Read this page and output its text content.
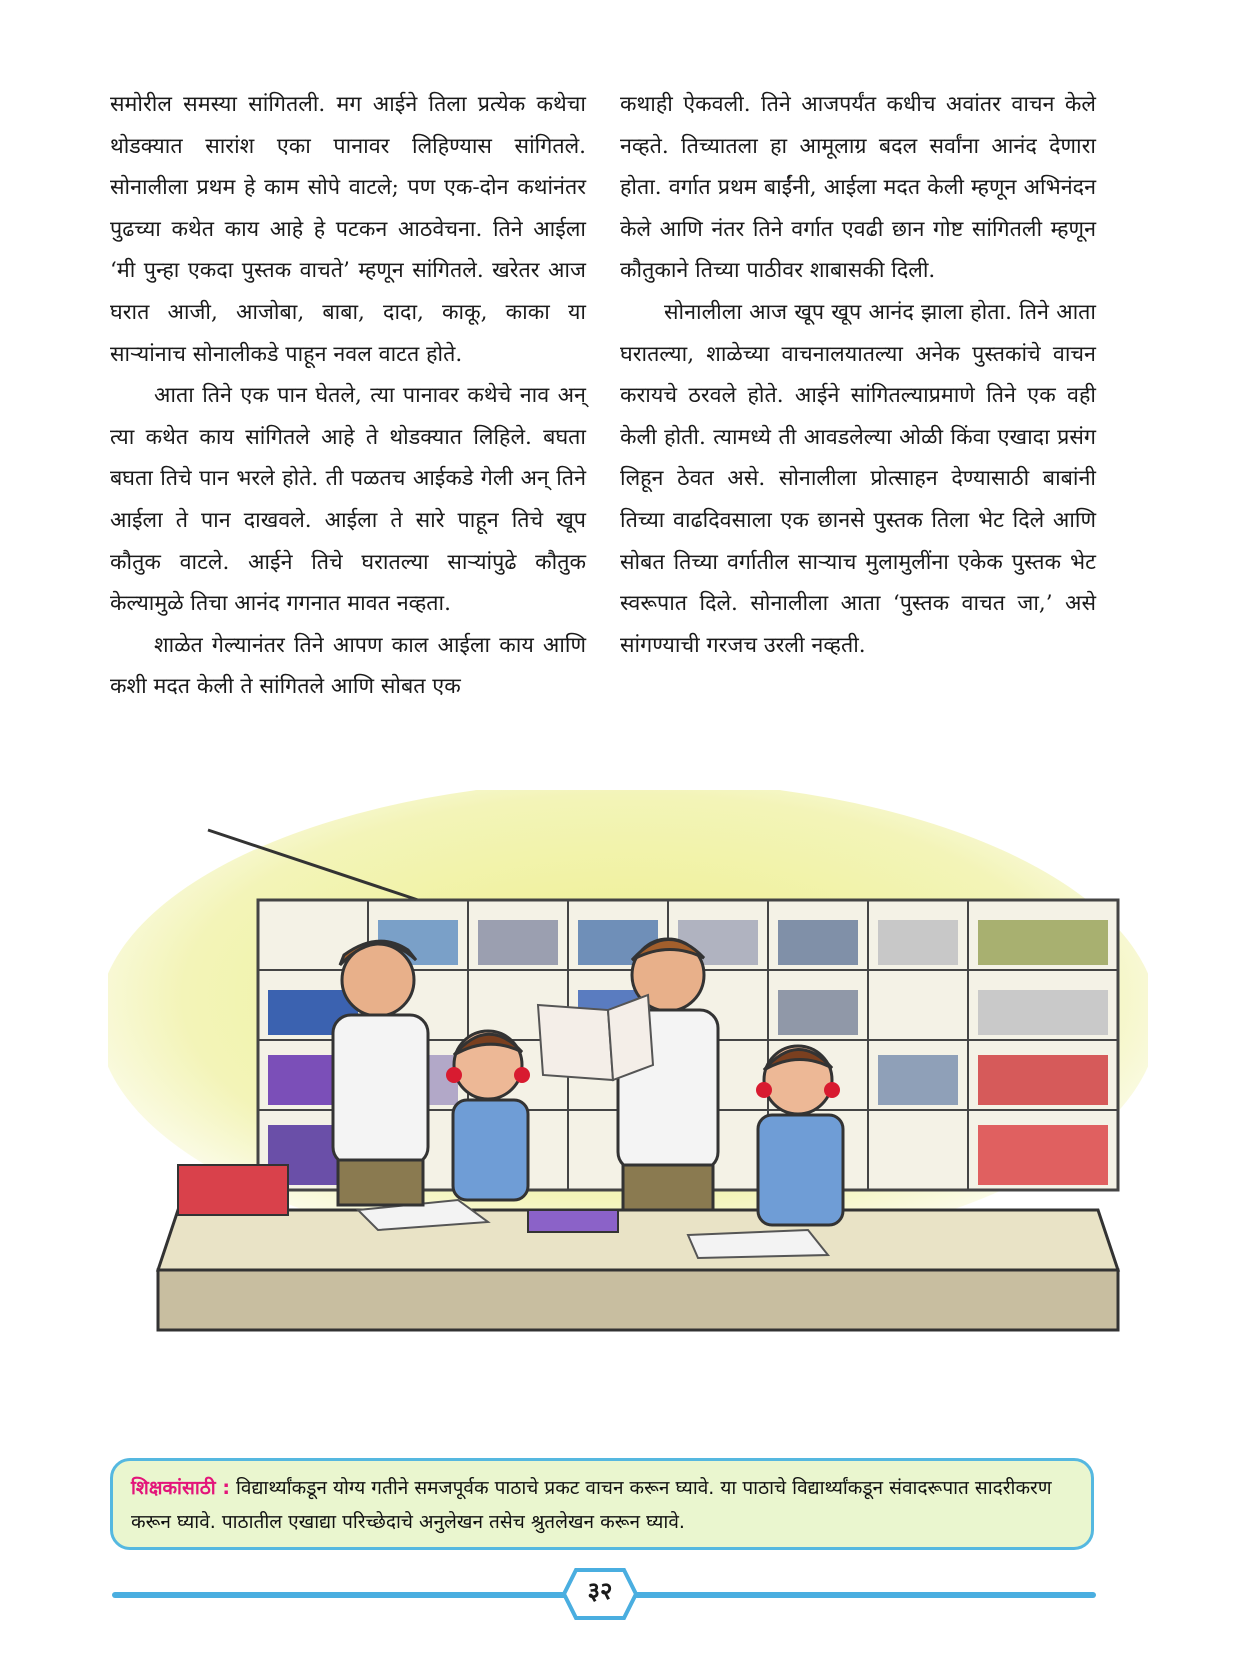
समोरील समस्या सांगितली. मग आईने तिला प्रत्येक कथेचा थोडक्यात सारांश एका पानावर लिहिण्यास सांगितले. सोनालीला प्रथम हे काम सोपे वाटले; पण एक-दोन कथांनंतर पुढच्या कथेत काय आहे हे पटकन आठवेचना. तिने आईला ‘मी पुन्हा एकदा पुस्तक वाचते’ म्हणून सांगितले. खरेतर आज घरात आजी, आजोबा, बाबा, दादा, काकू, काका या साऱ्यांनाच सोनालीकडे पाहून नवल वाटत होते.

आता तिने एक पान घेतले, त्या पानावर कथेचे नाव अन् त्या कथेत काय सांगितले आहे ते थोडक्यात लिहिले. बघता बघता तिचे पान भरले होते. ती पळतच आईकडे गेली अन् तिने आईला ते पान दाखवले. आईला ते सारे पाहून तिचे खूप कौतुक वाटले. आईने तिचे घरातल्या साऱ्यांपुढे कौतुक केल्यामुळे तिचा आनंद गगनात मावत नव्हता.

शाळेत गेल्यानंतर तिने आपण काल आईला काय आणि कशी मदत केली ते सांगितले आणि सोबत एक

कथाही ऐकवली. तिने आजपर्यंत कधीच अवांतर वाचन केले नव्हते. तिच्यातला हा आमूलाग्र बदल सर्वांना आनंद देणारा होता. वर्गात प्रथम बाईंनी, आईला मदत केली म्हणून अभिनंदन केले आणि नंतर तिने वर्गात एवढी छान गोष्ट सांगितली म्हणून कौतुकाने तिच्या पाठीवर शाबासकी दिली.

सोनालीला आज खूप खूप आनंद झाला होता. तिने आता घरातल्या, शाळेच्या वाचनालयातल्या अनेक पुस्तकांचे वाचन करायचे ठरवले होते. आईने सांगितल्याप्रमाणे तिने एक वही केली होती. त्यामध्ये ती आवडलेल्या ओळी किंवा एखादा प्रसंग लिहून ठेवत असे. सोनालीला प्रोत्साहन देण्यासाठी बाबांनी तिच्या वाढदिवसाला एक छानसे पुस्तक तिला भेट दिले आणि सोबत तिच्या वर्गातील साऱ्याच मुलामुलींना एकेक पुस्तक भेट स्वरूपात दिले. सोनालीला आता ‘पुस्तक वाचत जा,’ असे सांगण्याची गरजच उरली नव्हती.

शिक्षकांसाठी : विद्यार्थ्यांकडून योग्य गतीने समजपूर्वक पाठाचे प्रकट वाचन करून घ्यावे. या पाठाचे विद्यार्थ्यांकडून संवादरूपात सादरीकरण करून घ्यावे. पाठातील एखाद्या परिच्छेदाचे अनुलेखन तसेच श्रुतलेखन करून घ्यावे.
३२
